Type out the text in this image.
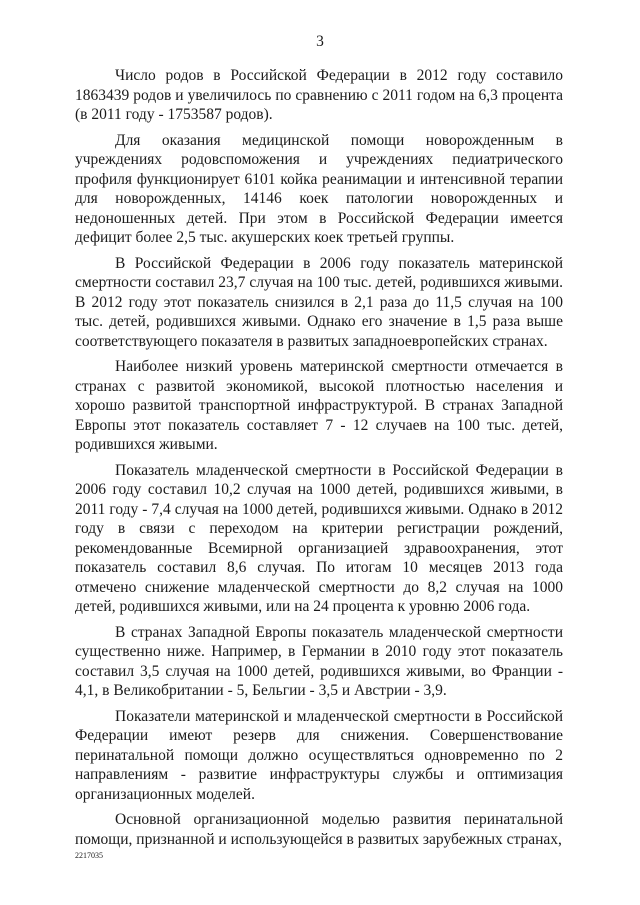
3

Число родов в Российской Федерации в 2012 году составило 1863439 родов и увеличилось по сравнению с 2011 годом на 6,3 процента (в 2011 году - 1753587 родов).

Для оказания медицинской помощи новорожденным в учреждениях родовспоможения и учреждениях педиатрического профиля функционирует 6101 койка реанимации и интенсивной терапии для новорожденных, 14146 коек патологии новорожденных и недоношенных детей. При этом в Российской Федерации имеется дефицит более 2,5 тыс. акушерских коек третьей группы.

В Российской Федерации в 2006 году показатель материнской смертности составил 23,7 случая на 100 тыс. детей, родившихся живыми. В 2012 году этот показатель снизился в 2,1 раза до 11,5 случая на 100 тыс. детей, родившихся живыми. Однако его значение в 1,5 раза выше соответствующего показателя в развитых западноевропейских странах.

Наиболее низкий уровень материнской смертности отмечается в странах с развитой экономикой, высокой плотностью населения и хорошо развитой транспортной инфраструктурой. В странах Западной Европы этот показатель составляет 7 - 12 случаев на 100 тыс. детей, родившихся живыми.

Показатель младенческой смертности в Российской Федерации в 2006 году составил 10,2 случая на 1000 детей, родившихся живыми, в 2011 году - 7,4 случая на 1000 детей, родившихся живыми. Однако в 2012 году в связи с переходом на критерии регистрации рождений, рекомендованные Всемирной организацией здравоохранения, этот показатель составил 8,6 случая. По итогам 10 месяцев 2013 года отмечено снижение младенческой смертности до 8,2 случая на 1000 детей, родившихся живыми, или на 24 процента к уровню 2006 года.

В странах Западной Европы показатель младенческой смертности существенно ниже. Например, в Германии в 2010 году этот показатель составил 3,5 случая на 1000 детей, родившихся живыми, во Франции - 4,1, в Великобритании - 5, Бельгии - 3,5 и Австрии - 3,9.

Показатели материнской и младенческой смертности в Российской Федерации имеют резерв для снижения. Совершенствование перинатальной помощи должно осуществляться одновременно по 2 направлениям - развитие инфраструктуры службы и оптимизация организационных моделей.

Основной организационной моделью развития перинатальной помощи, признанной и использующейся в развитых зарубежных странах,

2217035
